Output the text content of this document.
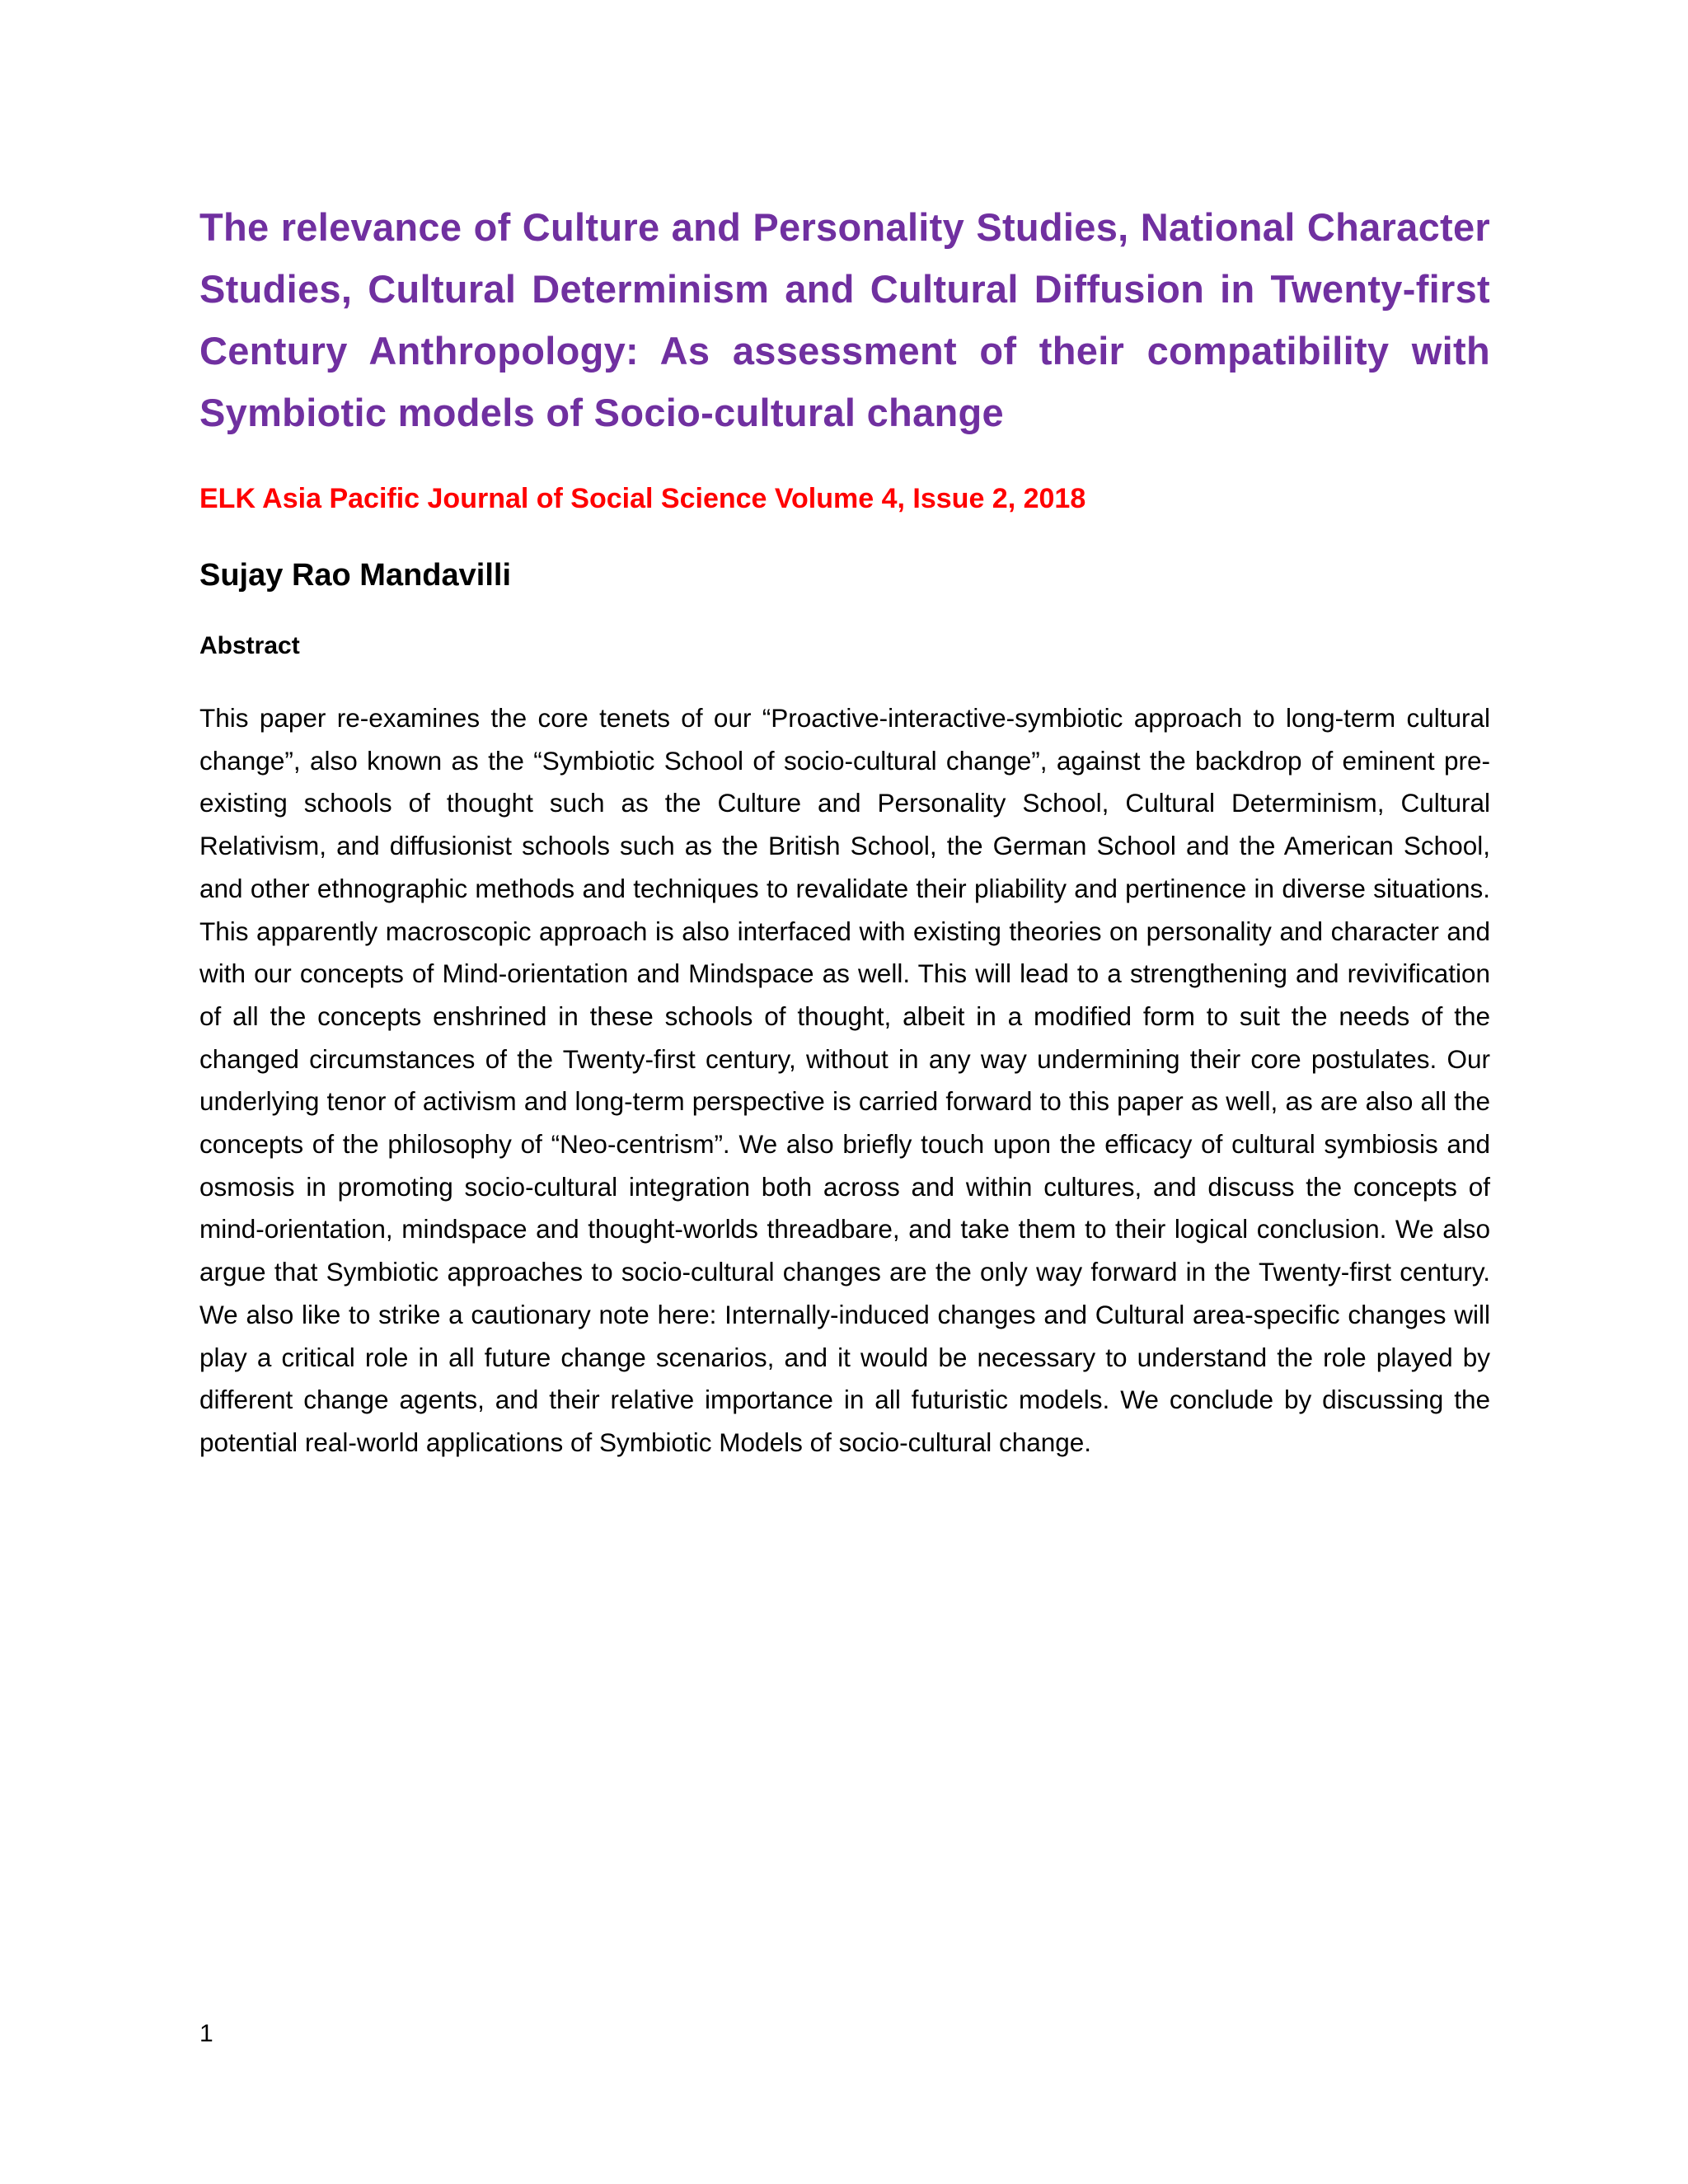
The relevance of Culture and Personality Studies, National Character Studies, Cultural Determinism and Cultural Diffusion in Twenty-first Century Anthropology: As assessment of their compatibility with Symbiotic models of Socio-cultural change

ELK Asia Pacific Journal of Social Science Volume 4, Issue 2, 2018

Sujay Rao Mandavilli

Abstract

This paper re-examines the core tenets of our “Proactive-interactive-symbiotic approach to long-term cultural change”, also known as the “Symbiotic School of socio-cultural change”, against the backdrop of eminent pre-existing schools of thought such as the Culture and Personality School, Cultural Determinism, Cultural Relativism, and diffusionist schools such as the British School, the German School and the American School, and other ethnographic methods and techniques to revalidate their pliability and pertinence in diverse situations. This apparently macroscopic approach is also interfaced with existing theories on personality and character and with our concepts of Mind-orientation and Mindspace as well. This will lead to a strengthening and revivification of all the concepts enshrined in these schools of thought, albeit in a modified form to suit the needs of the changed circumstances of the Twenty-first century, without in any way undermining their core postulates. Our underlying tenor of activism and long-term perspective is carried forward to this paper as well, as are also all the concepts of the philosophy of “Neo-centrism”. We also briefly touch upon the efficacy of cultural symbiosis and osmosis in promoting socio-cultural integration both across and within cultures, and discuss the concepts of mind-orientation, mindspace and thought-worlds threadbare, and take them to their logical conclusion. We also argue that Symbiotic approaches to socio-cultural changes are the only way forward in the Twenty-first century. We also like to strike a cautionary note here: Internally-induced changes and Cultural area-specific changes will play a critical role in all future change scenarios, and it would be necessary to understand the role played by different change agents, and their relative importance in all futuristic models. We conclude by discussing the potential real-world applications of Symbiotic Models of socio-cultural change.

1
